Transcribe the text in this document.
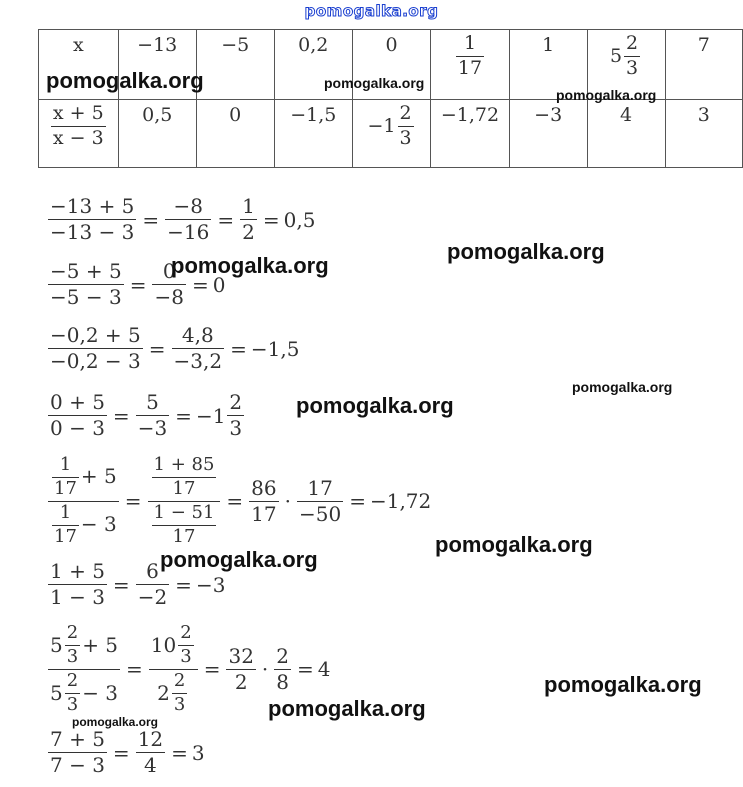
pomogalka.org
x	−13	−5	0,2	0	$\frac{1}{17}$	1	$5 \frac{2}{3}$	7

$\frac{x + 5}{x - 3}$	0,5	0	−1,5	$-1 \frac{2}{3}$	−1,72	−3	4	3
$\frac{-13 + 5}{-13 - 3} = \frac{-8}{-16} = \frac{1}{2} = 0,5$
$\frac{-5 + 5}{-5 - 3} = \frac{0}{-8} = 0$
$\frac{-0,2 + 5}{-0,2 - 3} = \frac{4,8}{-3,2} = -1,5$
$\frac{0 + 5}{0 - 3} = \frac{5}{-3} = -1 \frac{2}{3}$
$\frac{\frac{1}{17} + 5}{\frac{1}{17} - 3} = \frac{\frac{1 + 85}{17}}{\frac{1 - 51}{17}} = \frac{86}{17} \cdot \frac{17}{-50} = -1,72$
$\frac{1 + 5}{1 - 3} = \frac{6}{-2} = -3$
$\frac{5 \frac{2}{3} + 5}{5 \frac{2}{3} - 3} = \frac{10 \frac{2}{3}}{2 \frac{2}{3}} = \frac{32}{2} \cdot \frac{2}{8} = 4$
$\frac{7 + 5}{7 - 3} = \frac{12}{4} = 3$
pomogalka.org	pomogalka.org
pomogalka.org
pomogalka.org
pomogalka.org
pomogalka.org
pomogalka.org
pomogalka.org
pomogalka.org
pomogalka.org
pomogalka.org
pomogalka.org
